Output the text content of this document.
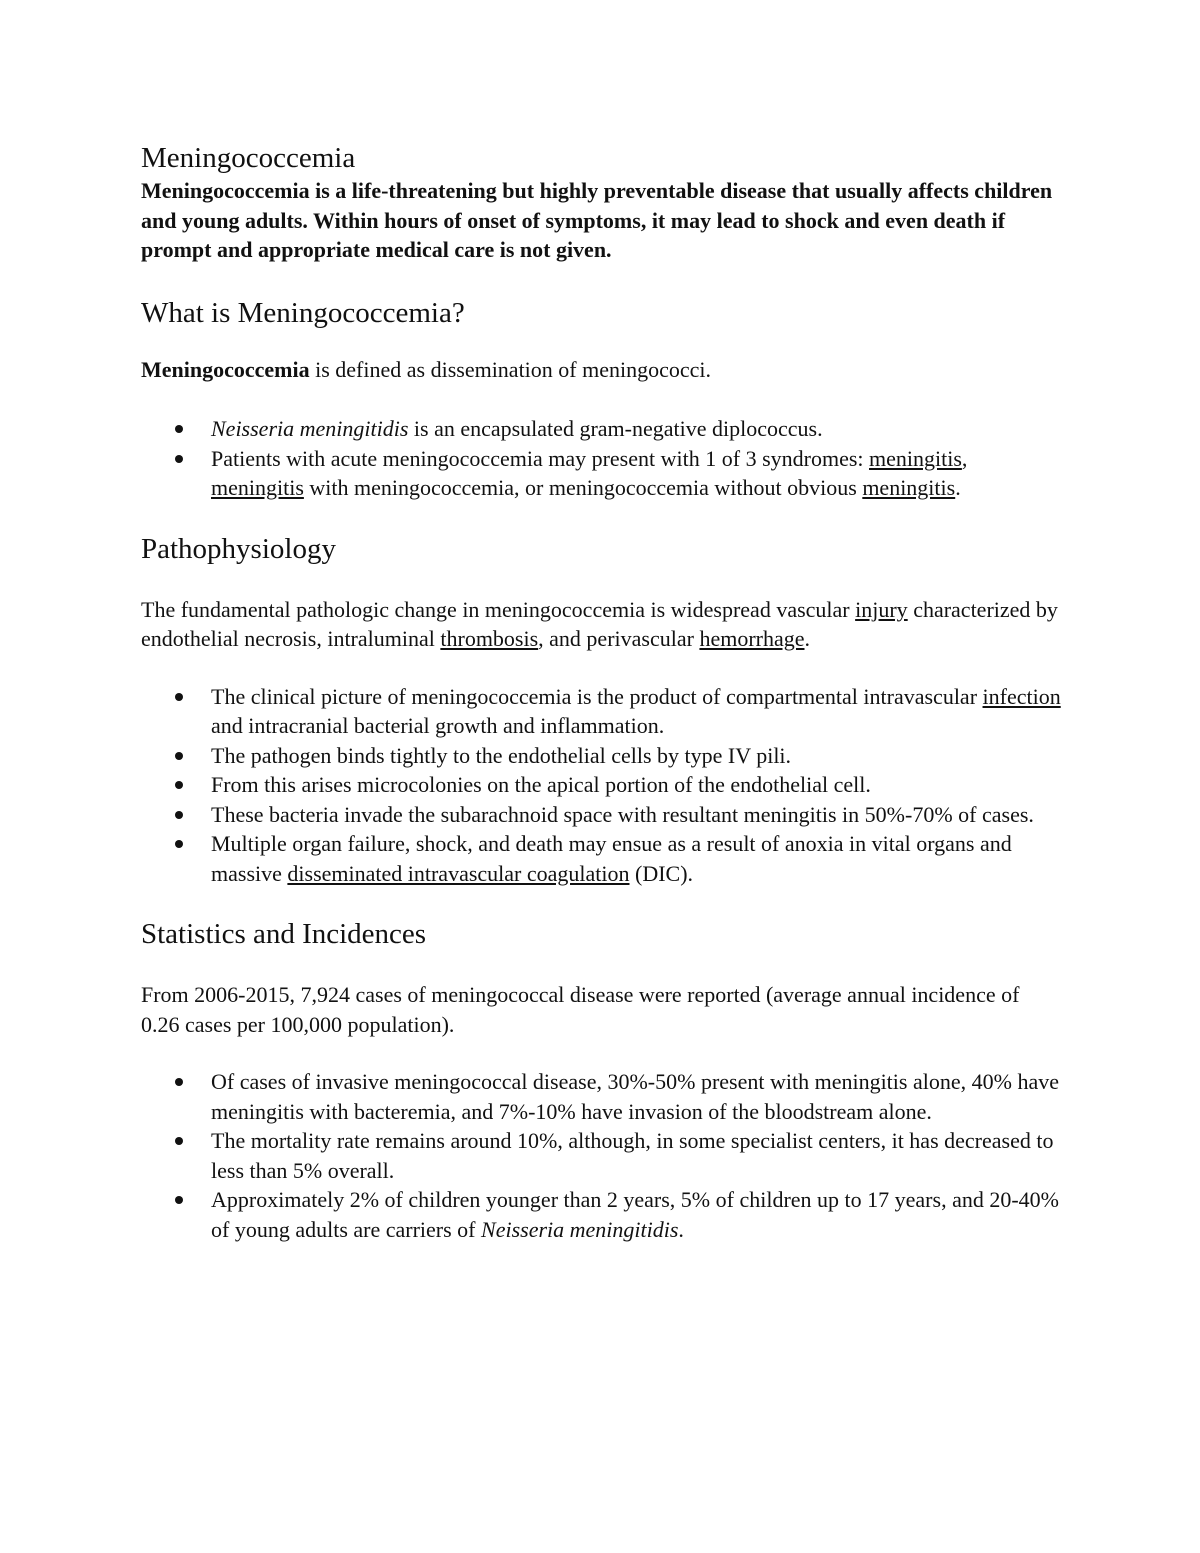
Meningococcemia

Meningococcemia is a life-threatening but highly preventable disease that usually affects children and young adults. Within hours of onset of symptoms, it may lead to shock and even death if prompt and appropriate medical care is not given.

What is Meningococcemia?

Meningococcemia is defined as dissemination of meningococci.

Neisseria meningitidis is an encapsulated gram-negative diplococcus.
Patients with acute meningococcemia may present with 1 of 3 syndromes: meningitis, meningitis with meningococcemia, or meningococcemia without obvious meningitis.
Pathophysiology

The fundamental pathologic change in meningococcemia is widespread vascular injury characterized by endothelial necrosis, intraluminal thrombosis, and perivascular hemorrhage.

The clinical picture of meningococcemia is the product of compartmental intravascular infection and intracranial bacterial growth and inflammation.
The pathogen binds tightly to the endothelial cells by type IV pili.
From this arises microcolonies on the apical portion of the endothelial cell.
These bacteria invade the subarachnoid space with resultant meningitis in 50%-70% of cases.
Multiple organ failure, shock, and death may ensue as a result of anoxia in vital organs and massive disseminated intravascular coagulation (DIC).
Statistics and Incidences

From 2006-2015, 7,924 cases of meningococcal disease were reported (average annual incidence of 0.26 cases per 100,000 population).

Of cases of invasive meningococcal disease, 30%-50% present with meningitis alone, 40% have meningitis with bacteremia, and 7%-10% have invasion of the bloodstream alone.
The mortality rate remains around 10%, although, in some specialist centers, it has decreased to less than 5% overall.
Approximately 2% of children younger than 2 years, 5% of children up to 17 years, and 20-40% of young adults are carriers of Neisseria meningitidis.
